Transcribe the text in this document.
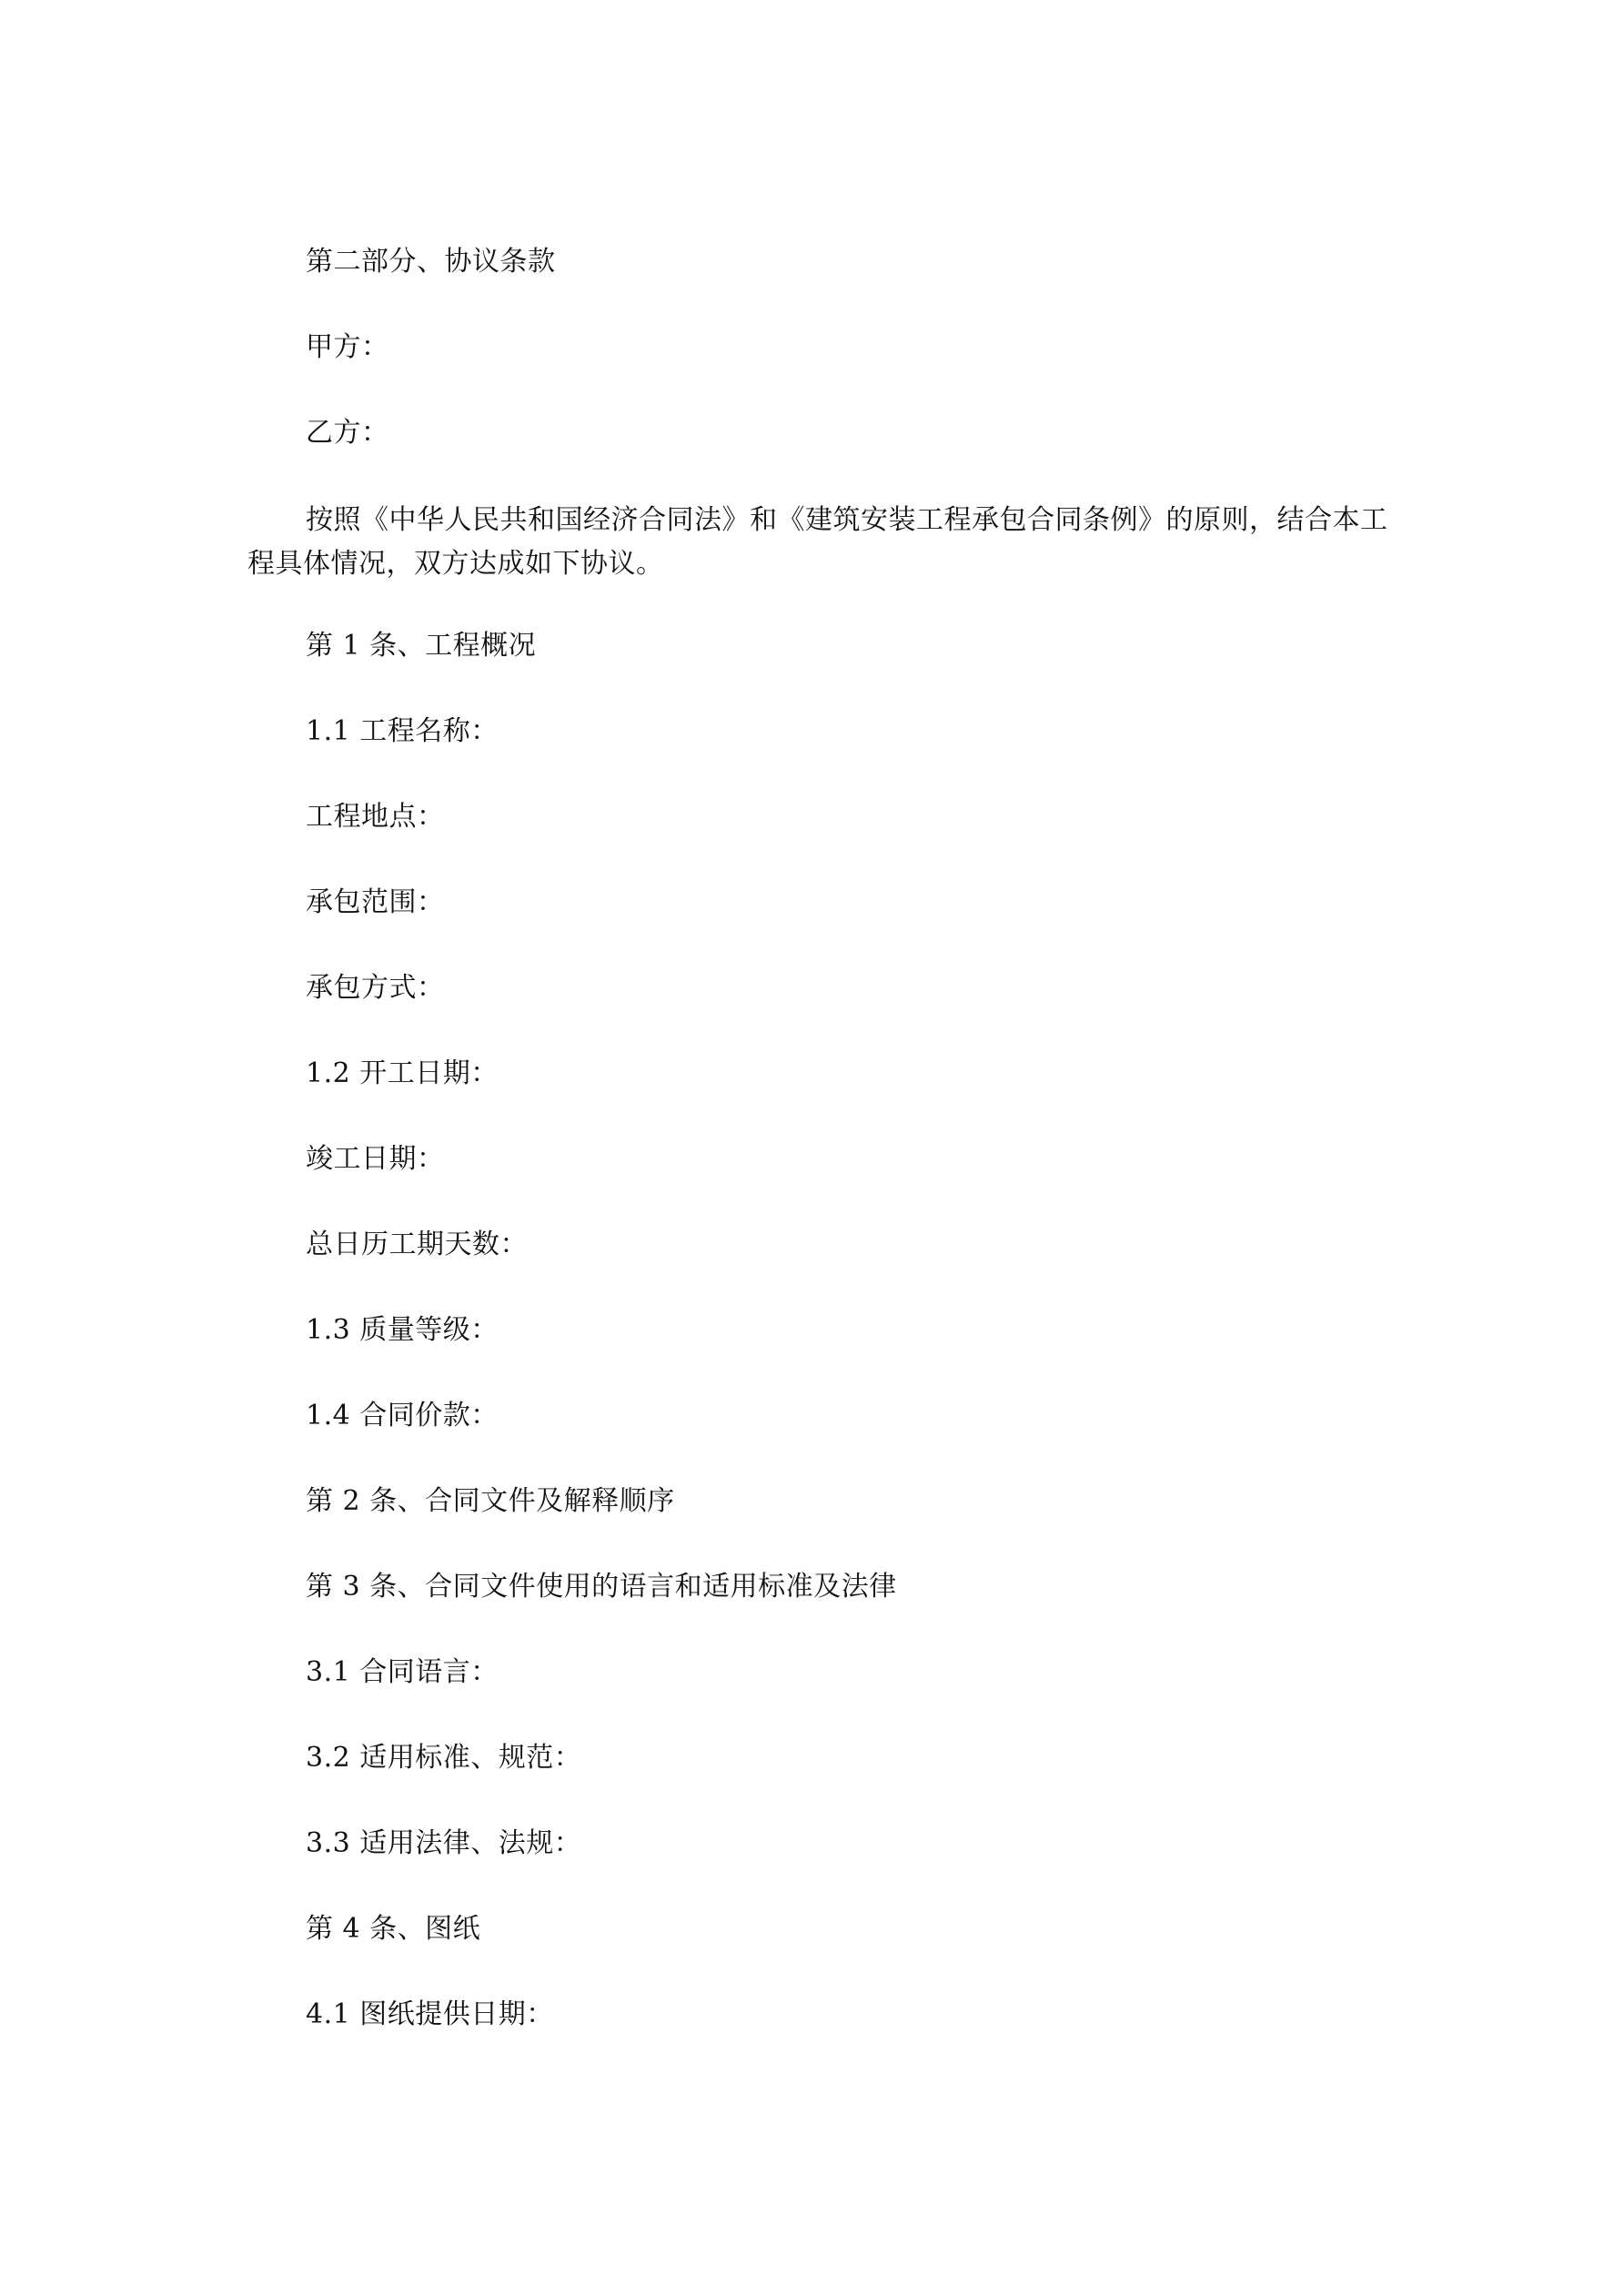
第二部分、协议条款

甲方：

乙方：

按照《中华人民共和国经济合同法》和《建筑安装工程承包合同条例》的原则，结合本工程具体情况，双方达成如下协议。

第 1 条、工程概况

1.1 工程名称：

工程地点：

承包范围：

承包方式：

1.2 开工日期：

竣工日期：

总日历工期天数：

1.3 质量等级：

1.4 合同价款：

第 2 条、合同文件及解释顺序

第 3 条、合同文件使用的语言和适用标准及法律

3.1 合同语言：

3.2 适用标准、规范：

3.3 适用法律、法规：

第 4 条、图纸

4.1 图纸提供日期：
